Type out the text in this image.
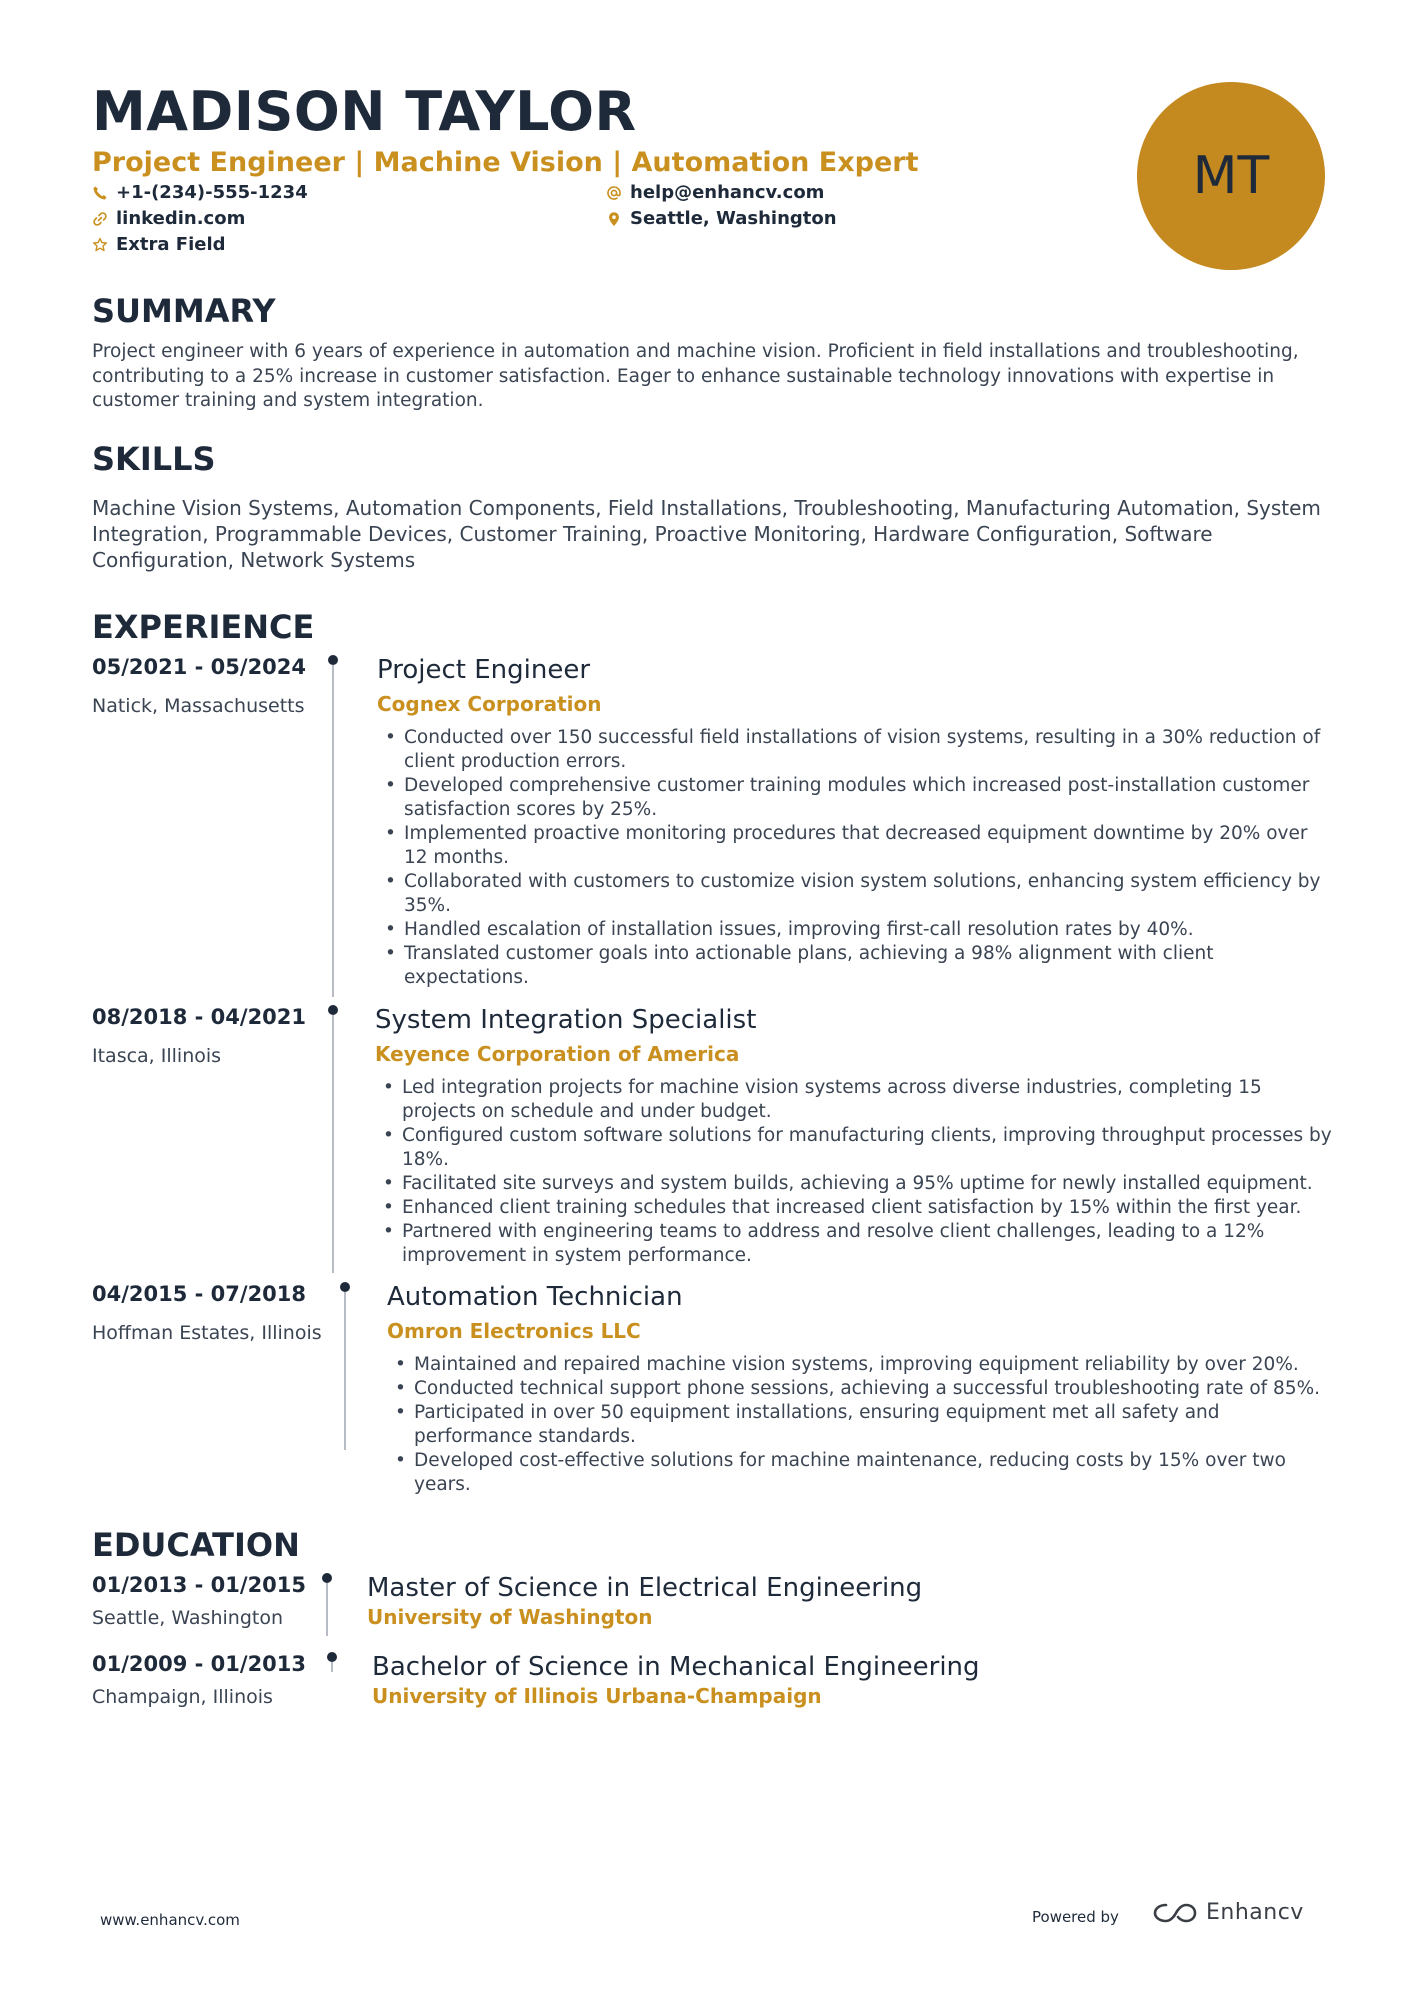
MADISON TAYLOR
Project Engineer | Machine Vision | Automation Expert
+1-(234)-555-1234
linkedin.com
Extra Field
help@enhancv.com
Seattle, Washington
MT
SUMMARY
Project engineer with 6 years of experience in automation and machine vision. Proficient in field installations and troubleshooting, contributing to a 25% increase in customer satisfaction. Eager to enhance sustainable technology innovations with expertise in customer training and system integration.
SKILLS
Machine Vision Systems, Automation Components, Field Installations, Troubleshooting, Manufacturing Automation, System Integration, Programmable Devices, Customer Training, Proactive Monitoring, Hardware Configuration, Software Configuration, Network Systems
EXPERIENCE
05/2021 - 05/2024
Natick, Massachusetts
Project Engineer
Cognex Corporation
• Conducted over 150 successful field installations of vision systems, resulting in a 30% reduction of client production errors.
• Developed comprehensive customer training modules which increased post-installation customer satisfaction scores by 25%.
• Implemented proactive monitoring procedures that decreased equipment downtime by 20% over 12 months.
• Collaborated with customers to customize vision system solutions, enhancing system efficiency by 35%.
• Handled escalation of installation issues, improving first-call resolution rates by 40%.
• Translated customer goals into actionable plans, achieving a 98% alignment with client expectations.
08/2018 - 04/2021
Itasca, Illinois
System Integration Specialist
Keyence Corporation of America
• Led integration projects for machine vision systems across diverse industries, completing 15 projects on schedule and under budget.
• Configured custom software solutions for manufacturing clients, improving throughput processes by 18%.
• Facilitated site surveys and system builds, achieving a 95% uptime for newly installed equipment.
• Enhanced client training schedules that increased client satisfaction by 15% within the first year.
• Partnered with engineering teams to address and resolve client challenges, leading to a 12% improvement in system performance.
04/2015 - 07/2018
Hoffman Estates, Illinois
Automation Technician
Omron Electronics LLC
• Maintained and repaired machine vision systems, improving equipment reliability by over 20%.
• Conducted technical support phone sessions, achieving a successful troubleshooting rate of 85%.
• Participated in over 50 equipment installations, ensuring equipment met all safety and performance standards.
• Developed cost-effective solutions for machine maintenance, reducing costs by 15% over two years.
EDUCATION
01/2013 - 01/2015
Seattle, Washington
Master of Science in Electrical Engineering
University of Washington
01/2009 - 01/2013
Champaign, Illinois
Bachelor of Science in Mechanical Engineering
University of Illinois Urbana-Champaign
www.enhancv.com	Powered by	Enhancv
